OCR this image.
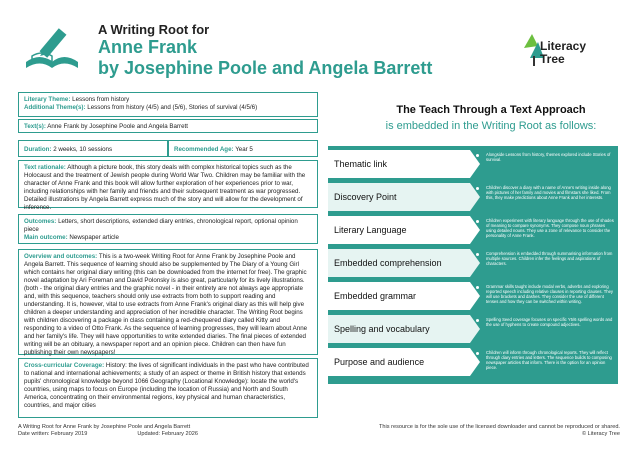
A Writing Root for
Anne Frank
by Josephine Poole and Angela Barrett
Literacy
Tree

Literary Theme: Lessons from history

Additional Theme(s): Lessons from history (4/5) and (5/6), Stories of survival (4/5/6)

Text(s): Anne Frank by Josephine Poole and Angela Barrett

Duration: 2 weeks, 10 sessions	Recommended Age: Year 5

Text rationale: Although a picture book, this story deals with complex historical topics such as the Holocaust and the treatment of Jewish people during World War Two. Children may be familiar with the character of Anne Frank and this book will allow further exploration of her experiences prior to war, including relationships with her family and friends and their subsequent treatment as war progressed. Detailed illustrations by Angela Barrett express much of the story and will allow for the development of inference.

Outcomes: Letters, short descriptions, extended diary entries, chronological report, optional opinion piece

Main outcome: Newspaper article

Overview and outcomes: This is a two-week Writing Root for Anne Frank by Josephine Poole and Angela Barrett. This sequence of learning should also be supplemented by The Diary of a Young Girl which contains her original diary writing (this can be downloaded from the internet for free). The graphic novel adaptation by Ari Foreman and David Polonsky is also great, particularly for its lively illustrations. (both - the original diary entries and the graphic novel - in their entirety are not always age appropriate and, with this sequence, teachers should only use extracts from both to support reading and understanding. It is, however, vital to use extracts from Anne Frank's original diary as this will help give children a deeper understanding and appreciation of her incredible character. The Writing Root begins with children discovering a package in class containing a red-chequered diary called Kitty and responding to a video of Otto Frank. As the sequence of learning progresses, they will learn about Anne and her family's life. They will have opportunities to write extended diaries. The final pieces of extended writing will be an obituary, a newspaper report and an opinion piece. Children can then have fun publishing their own newspapers!

Cross-curricular Coverage: History: the lives of significant individuals in the past who have contributed to national and international achievements; a study of an aspect or theme in British history that extends pupils' chronological knowledge beyond 1066 Geography (Locational Knowledge): locate the world's countries, using maps to focus on Europe (including the location of Russia) and North and South America, concentrating on their environmental regions, key physical and human characteristics, countries, and major cities

The Teach Through a Text Approach
is embedded in the Writing Root as follows:
Thematic link
Alongside Lessons from history, themes explored include Stories of survival.
Discovery Point
Children discover a diary with a name of Anne's writing inside along with pictures of her family and movies and filmstars she liked. From this, they make predictions about Anne Frank and her interests.
Literary Language
Children experiment with literary language through the use of shades of meaning to compare synonyms. They compose noun phrases using detailed nouns. They use a zone of relevance to consider the personality of Anne Frank.
Embedded comprehension
Comprehension is embedded through summarising information from multiple sources. Children infer the feelings and aspirations of characters.
Embedded grammar
Grammar skills taught include modal verbs, adverbs and exploring reported speech including relative clauses in reporting clauses. They will use brackets and dashes. They consider the use of different tenses and how they can be switched within writing.
Spelling and vocabulary
Spelling Seed coverage focuses on specific Y5/6 spelling words and the use of hyphens to create compound adjectives.
Purpose and audience
Children will inform through chronological reports. They will reflect through diary entries and letters. The sequence builds to composing newspaper articles that inform. There is the option for an opinion piece.
A Writing Root for Anne Frank by Josephine Poole and Angela Barrett
Date written: February 2019	Updated: February 2026
This resource is for the sole use of the licensed downloader and cannot be reproduced or shared.
© Literacy Tree
